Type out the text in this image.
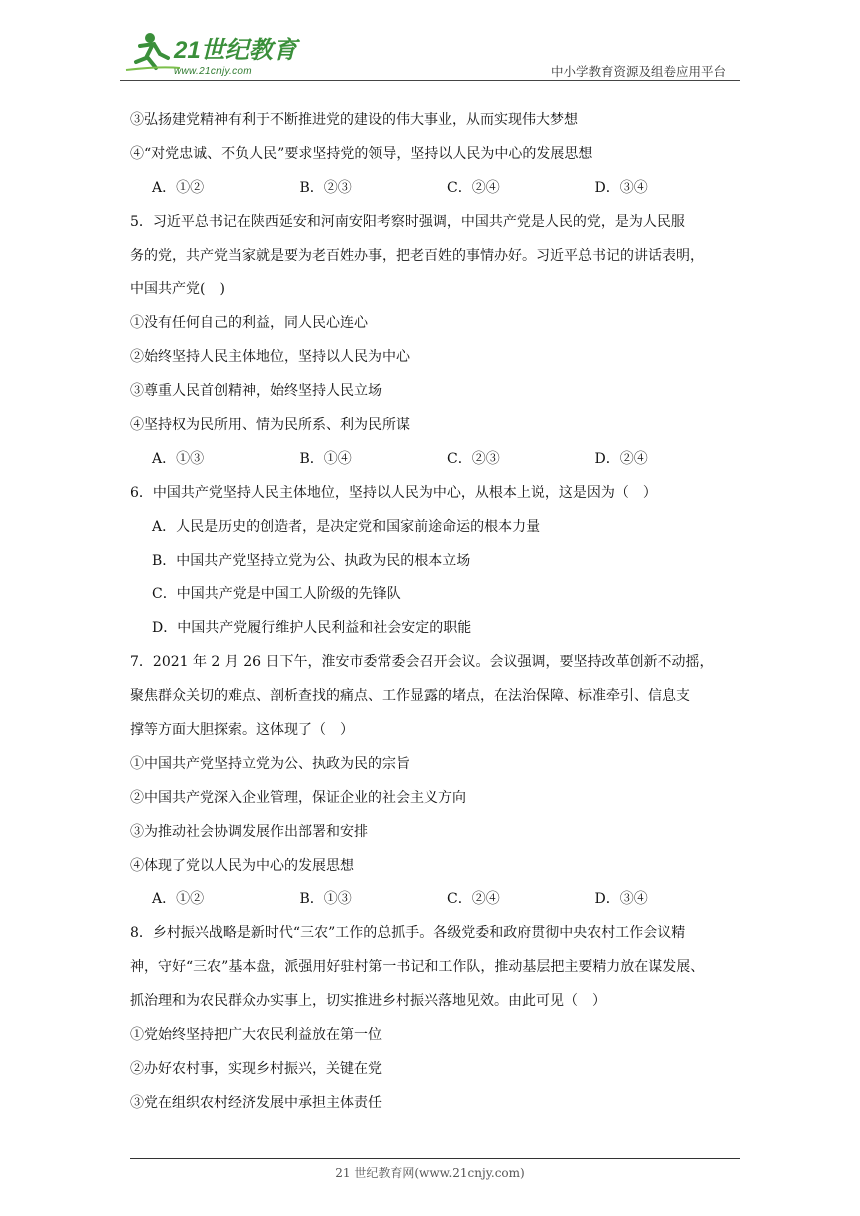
21世纪教育
www.21cnjy.com	中小学教育资源及组卷应用平台
③弘扬建党精神有利于不断推进党的建设的伟大事业，从而实现伟大梦想
④“对党忠诚、不负人民”要求坚持党的领导，坚持以人民为中心的发展思想
A．①②	B．②③	C．②④	D．③④
5．习近平总书记在陕西延安和河南安阳考察时强调，中国共产党是人民的党，是为人民服
务的党，共产党当家就是要为老百姓办事，把老百姓的事情办好。习近平总书记的讲话表明，
中国共产党(　)
①没有任何自己的利益，同人民心连心
②始终坚持人民主体地位，坚持以人民为中心
③尊重人民首创精神，始终坚持人民立场
④坚持权为民所用、情为民所系、利为民所谋
A．①③	B．①④	C．②③	D．②④
6．中国共产党坚持人民主体地位，坚持以人民为中心，从根本上说，这是因为（　）
A．人民是历史的创造者，是决定党和国家前途命运的根本力量
B．中国共产党坚持立党为公、执政为民的根本立场
C．中国共产党是中国工人阶级的先锋队
D．中国共产党履行维护人民利益和社会安定的职能
7．2021 年 2 月 26 日下午，淮安市委常委会召开会议。会议强调，要坚持改革创新不动摇，
聚焦群众关切的难点、剖析查找的痛点、工作显露的堵点，在法治保障、标准牵引、信息支
撑等方面大胆探索。这体现了（　）
①中国共产党坚持立党为公、执政为民的宗旨
②中国共产党深入企业管理，保证企业的社会主义方向
③为推动社会协调发展作出部署和安排
④体现了党以人民为中心的发展思想
A．①②	B．①③	C．②④	D．③④
8．乡村振兴战略是新时代“三农”工作的总抓手。各级党委和政府贯彻中央农村工作会议精
神，守好“三农”基本盘，派强用好驻村第一书记和工作队，推动基层把主要精力放在谋发展、
抓治理和为农民群众办实事上，切实推进乡村振兴落地见效。由此可见（　）
①党始终坚持把广大农民利益放在第一位
②办好农村事，实现乡村振兴，关键在党
③党在组织农村经济发展中承担主体责任
21 世纪教育网(www.21cnjy.com)
